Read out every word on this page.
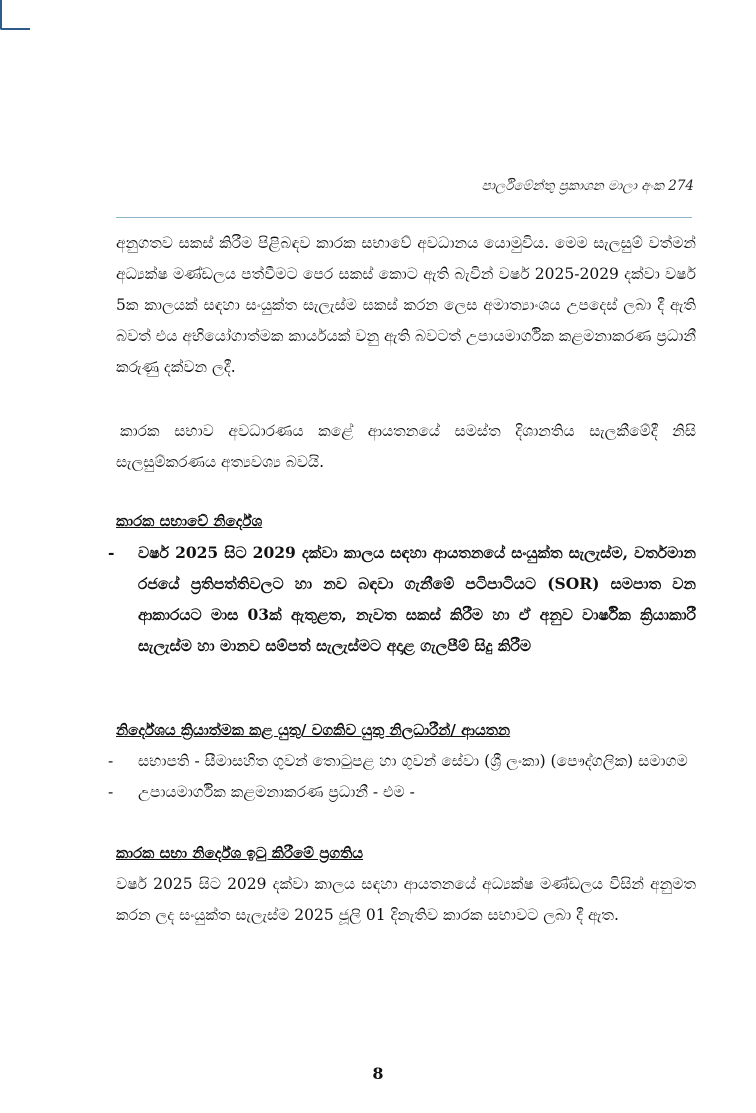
පාර්ලිමේන්තු ප්‍රකාශන මාලා අංක 274

අනුගතව සකස් කිරීම පිළිබඳව කාරක සභාවේ අවධානය යොමුවිය. මෙම සැලසුම් වත්මන් අධ්‍යක්ෂ මණ්ඩලය පත්වීමට පෙර සකස් කොට ඇති බැවින් වර්ෂ 2025-2029 දක්වා වර්ෂ 5ක කාලයක් සඳහා සංයුක්ත සැලැස්ම සකස් කරන ලෙස අමාත්‍යාංශය උපදෙස් ලබා දී ඇති බවත් එය අභියෝගාත්මක කාර්යයක් වනු ඇති බවටත් උපායමාර්ගික කළමනාකරණ ප්‍රධානී කරුණු දක්වන ලදී.

කාරක සභාව අවධාරණය කළේ ආයතනයේ සමස්ත දිශානතිය සැලකීමේදී නිසි සැලසුම්කරණය අත්‍යවශ්‍ය බවයි.

කාරක සභාවේ නිර්දේශ
- වර්ෂ 2025 සිට 2029 දක්වා කාලය සඳහා ආයතනයේ සංයුක්ත සැලැස්ම, වර්තමාන රජයේ ප්‍රතිපත්තිවලට හා නව බඳවා ගැනීමේ පටිපාටියට (SOR) සමපාත වන ආකාරයට මාස 03ක් ඇතුළත, නැවත සකස් කිරීම හා ඒ අනුව වාර්ෂික ක්‍රියාකාරී සැලැස්ම හා මානව සම්පත් සැලැස්මට අදාළ ගැලපීම් සිදු කිරීම
නිර්දේශය ක්‍රියාත්මක කළ යුතු/ වගකිව යුතු නිලධාරීන්/ ආයතන
- සභාපති - සීමාසහිත ගුවන් තොටුපළ හා ගුවන් සේවා (ශ්‍රී ලංකා) (පෞද්ගලික) සමාගම
- උපායමාර්ගික කළමනාකරණ ප්‍රධානී - එම -
කාරක සභා නිර්දේශ ඉටු කිරීමේ ප්‍රගතිය

වර්ෂ 2025 සිට 2029 දක්වා කාලය සඳහා ආයතනයේ අධ්‍යක්ෂ මණ්ඩලය විසින් අනුමත කරන ලද සංයුක්ත සැලැස්ම 2025 ජූලි 01 දිනැතිව කාරක සභාවට ලබා දී ඇත.

8
